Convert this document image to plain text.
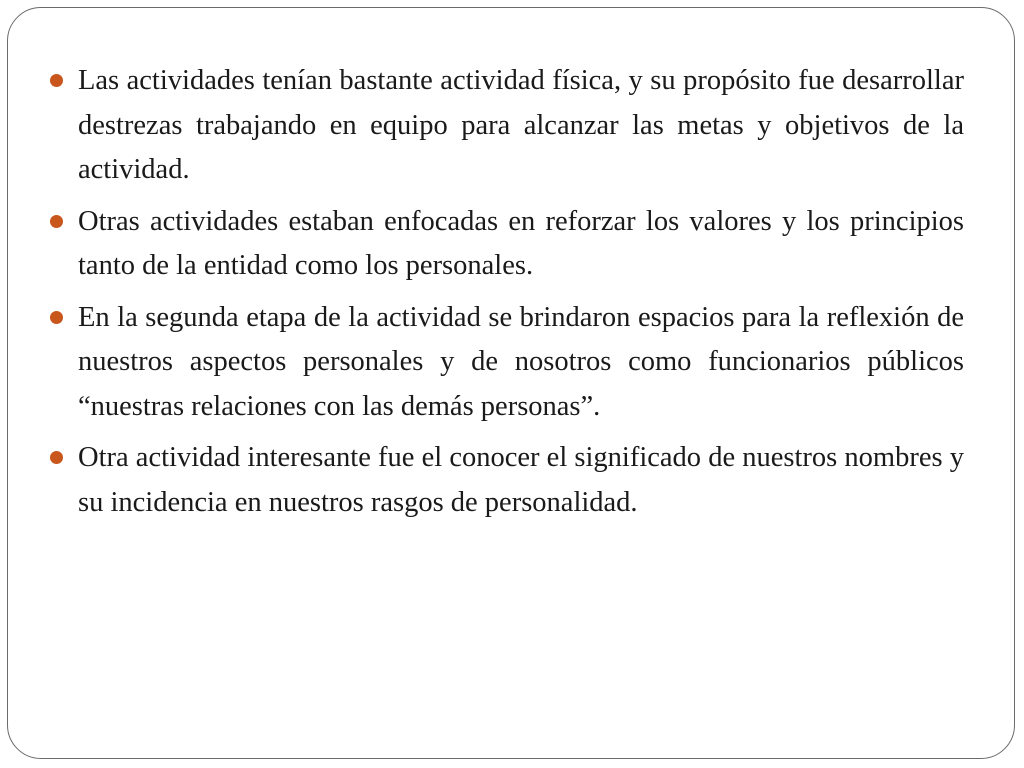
Las actividades tenían bastante actividad física, y su propósito fue desarrollar destrezas trabajando en equipo para alcanzar las metas y objetivos de la actividad.
Otras actividades estaban enfocadas en reforzar los valores y los principios tanto de la entidad como los personales.
En la segunda etapa de la actividad se brindaron espacios para la reflexión de nuestros aspectos personales y de nosotros como funcionarios públicos “nuestras relaciones con las demás personas”.
Otra actividad interesante fue el conocer el significado de nuestros nombres y su incidencia en nuestros rasgos de personalidad.
